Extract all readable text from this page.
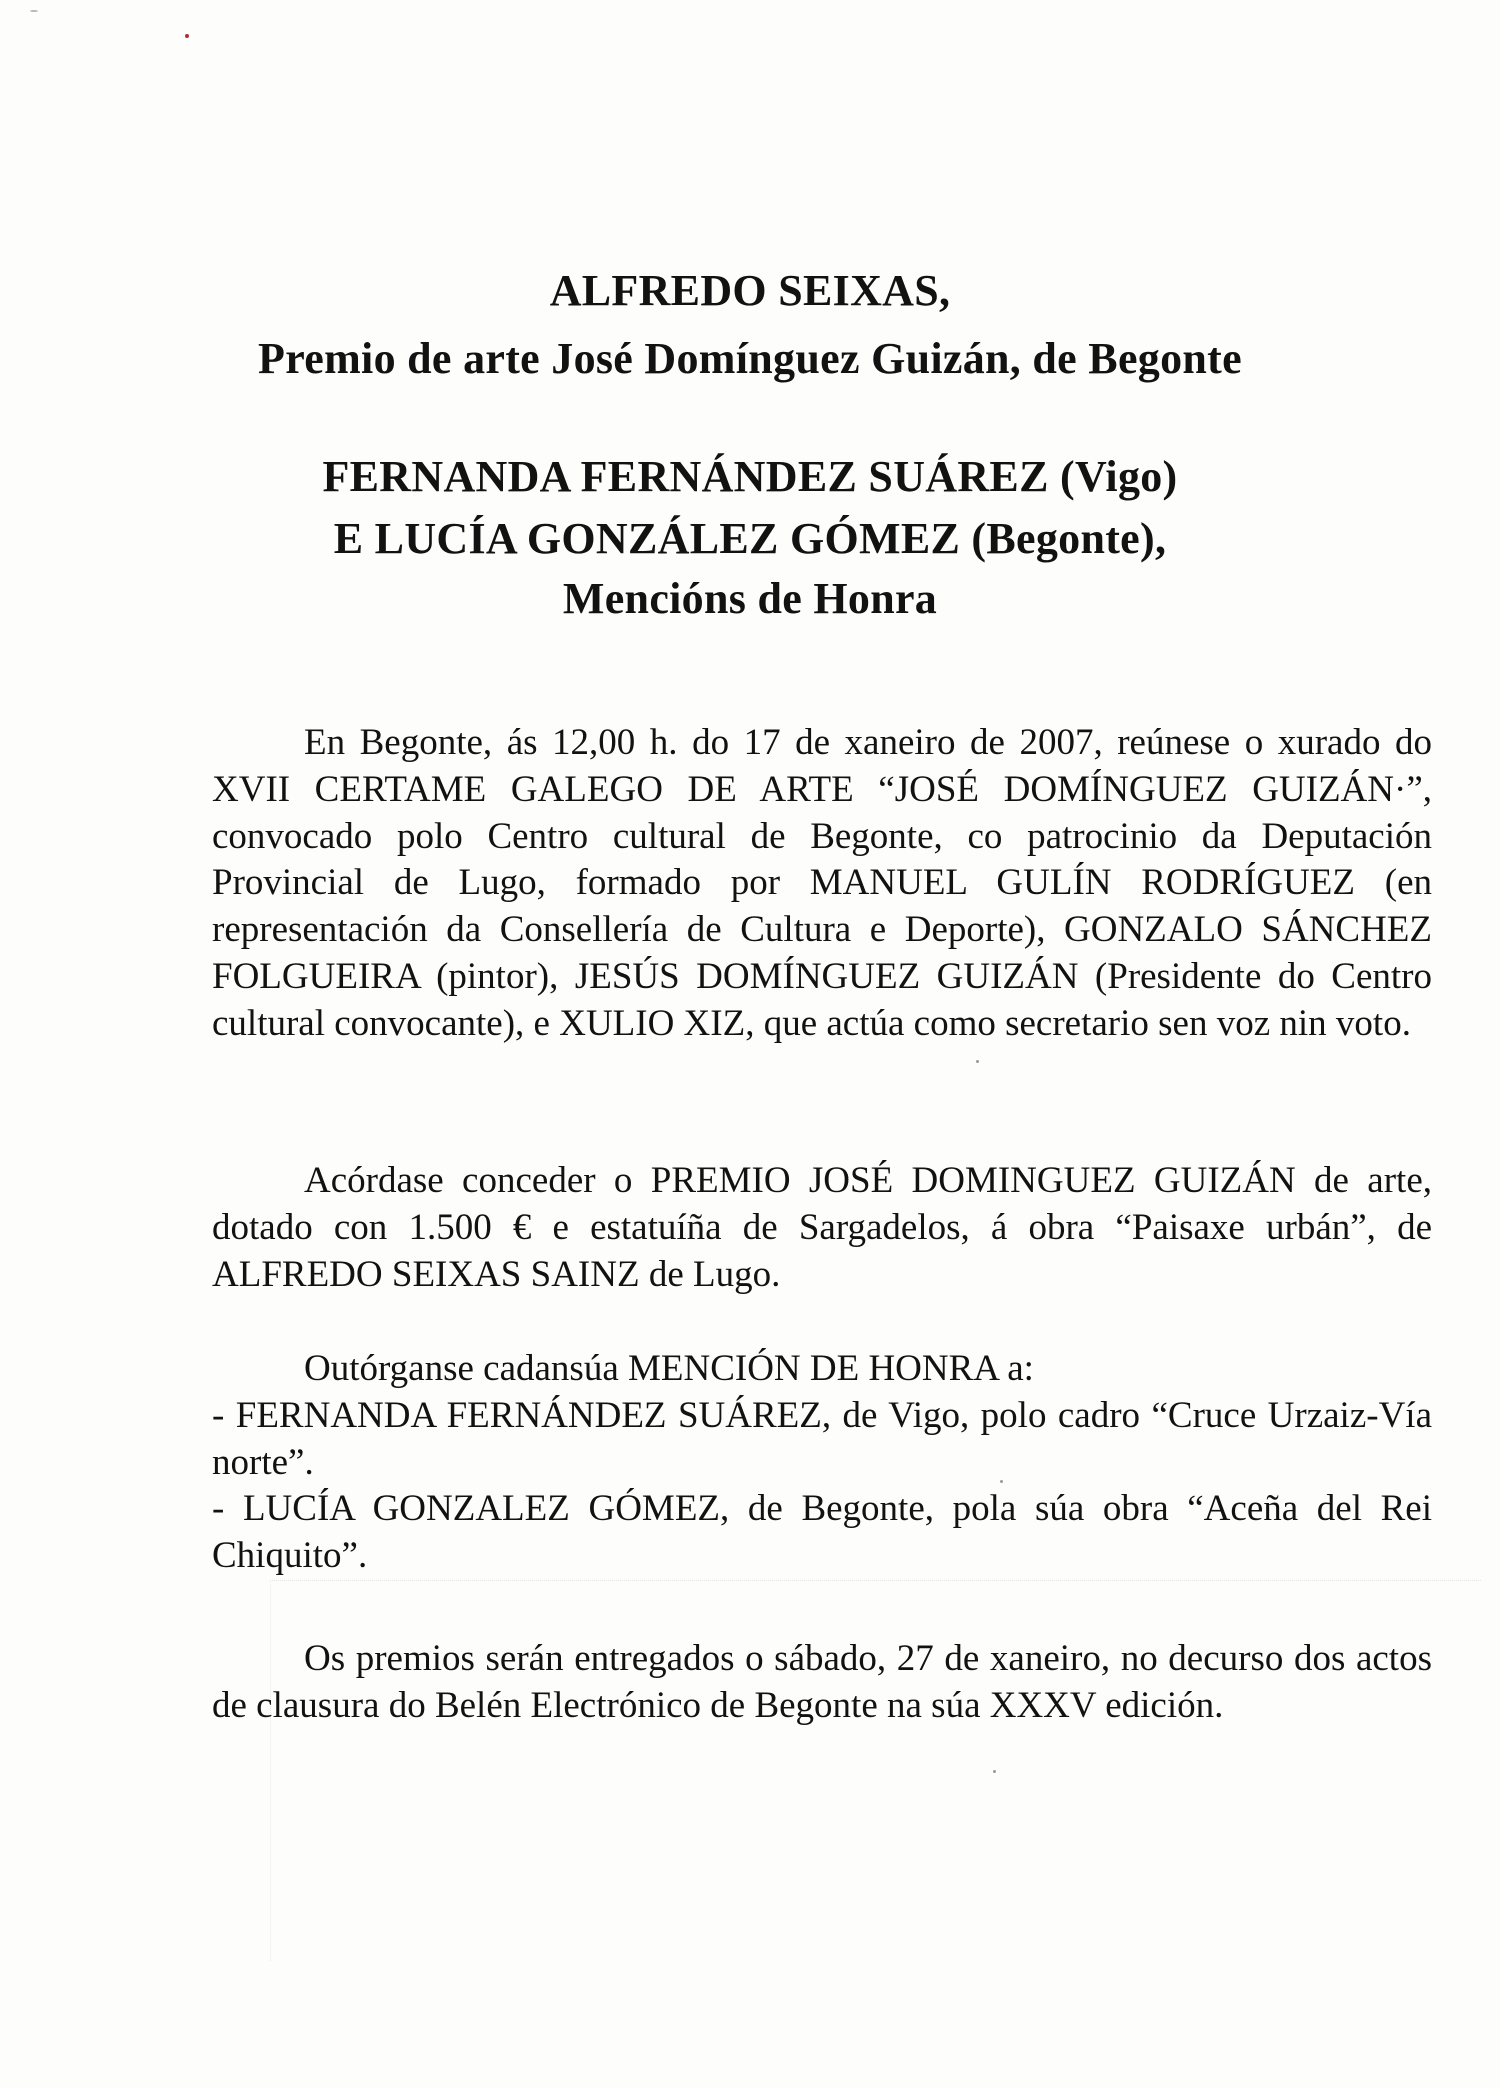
ALFREDO SEIXAS,
Premio de arte José Domínguez Guizán, de Begonte
FERNANDA FERNÁNDEZ SUÁREZ (Vigo)
E LUCÍA GONZÁLEZ GÓMEZ (Begonte),
Mencións de Honra

En Begonte, ás 12,00 h. do 17 de xaneiro de 2007, reúnese o xurado do XVII CERTAME GALEGO DE ARTE “JOSÉ DOMÍNGUEZ GUIZÁN·”, convocado polo Centro cultural de Begonte, co patrocinio da Deputación Provincial de Lugo, formado por MANUEL GULÍN RODRÍGUEZ (en representación da Consellería de Cultura e Deporte), GONZALO SÁNCHEZ FOLGUEIRA (pintor), JESÚS DOMÍNGUEZ GUIZÁN (Presidente do Centro cultural convocante), e XULIO XIZ, que actúa como secretario sen voz nin voto.

Acórdase conceder o PREMIO JOSÉ DOMINGUEZ GUIZÁN de arte, dotado con 1.500 € e estatuíña de Sargadelos, á obra “Paisaxe urbán”, de ALFREDO SEIXAS SAINZ de Lugo.

Outórganse cadansúa MENCIÓN DE HONRA a:
- FERNANDA FERNÁNDEZ SUÁREZ, de Vigo, polo cadro “Cruce Urzaiz-Vía norte”.
- LUCÍA GONZALEZ GÓMEZ, de Begonte, pola súa obra “Aceña del Rei Chiquito”.

Os premios serán entregados o sábado, 27 de xaneiro, no decurso dos actos de clausura do Belén Electrónico de Begonte na súa XXXV edición.
